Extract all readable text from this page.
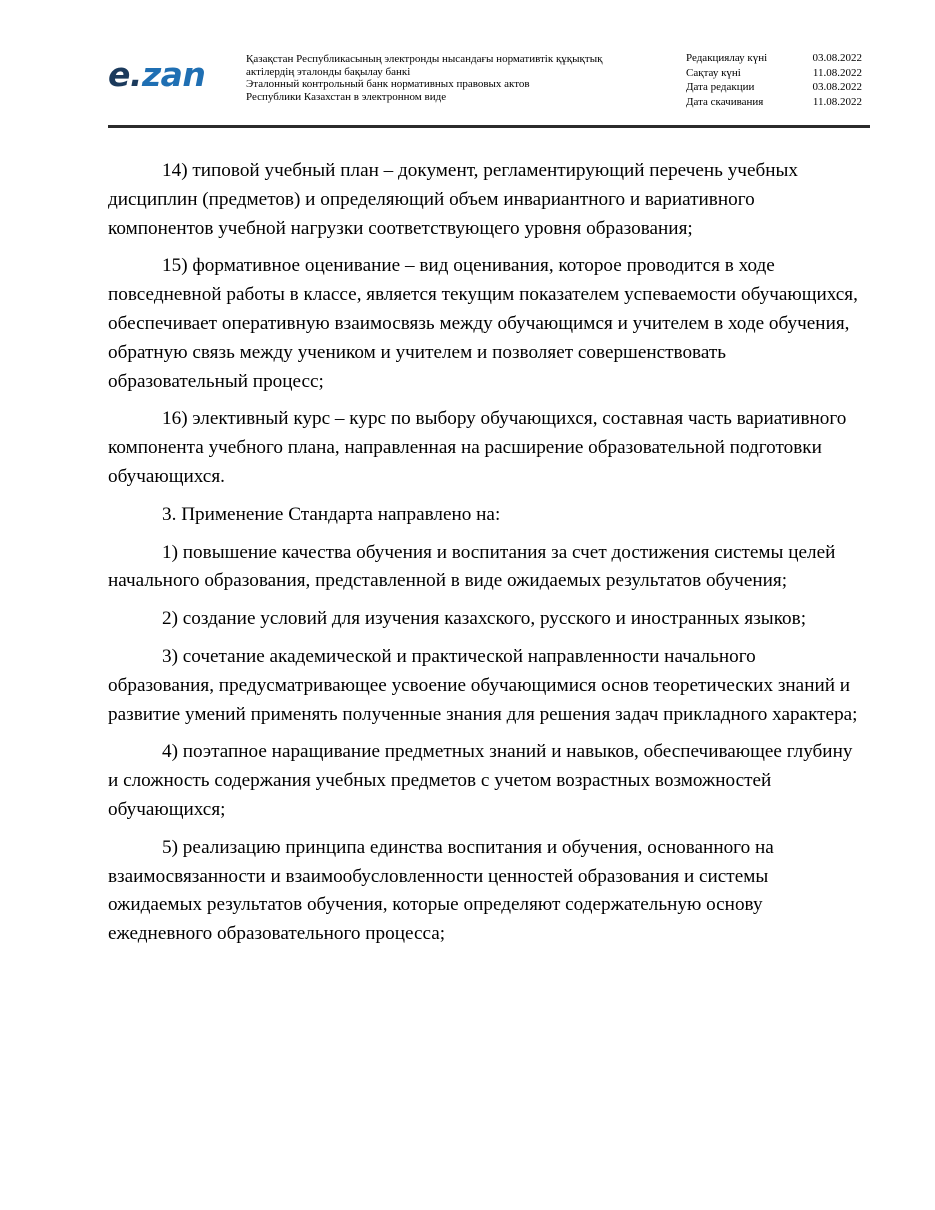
e.zan	Қазақстан Республикасының электронды нысандағы нормативтік құқықтық
актілердің эталонды бақылау банкі
Эталонный контрольный банк нормативных правовых актов
Республики Казахстан в электронном виде
Редакциялау күні	03.08.2022
Сақтау күні	11.08.2022
Дата редакции	03.08.2022
Дата скачивания	11.08.2022

14) типовой учебный план – документ, регламентирующий перечень учебных дисциплин (предметов) и определяющий объем инвариантного и вариативного компонентов учебной нагрузки соответствующего уровня образования;

15) формативное оценивание – вид оценивания, которое проводится в ходе повседневной работы в классе, является текущим показателем успеваемости обучающихся, обеспечивает оперативную взаимосвязь между обучающимся и учителем в ходе обучения, обратную связь между учеником и учителем и позволяет совершенствовать образовательный процесс;

16) элективный курс – курс по выбору обучающихся, составная часть вариативного компонента учебного плана, направленная на расширение образовательной подготовки обучающихся.

3. Применение Стандарта направлено на:

1) повышение качества обучения и воспитания за счет достижения системы целей начального образования, представленной в виде ожидаемых результатов обучения;

2) создание условий для изучения казахского, русского и иностранных языков;

3) сочетание академической и практической направленности начального образования, предусматривающее усвоение обучающимися основ теоретических знаний и развитие умений применять полученные знания для решения задач прикладного характера;

4) поэтапное наращивание предметных знаний и навыков, обеспечивающее глубину и сложность содержания учебных предметов с учетом возрастных возможностей обучающихся;

5) реализацию принципа единства воспитания и обучения, основанного на взаимосвязанности и взаимообусловленности ценностей образования и системы ожидаемых результатов обучения, которые определяют содержательную основу ежедневного образовательного процесса;
